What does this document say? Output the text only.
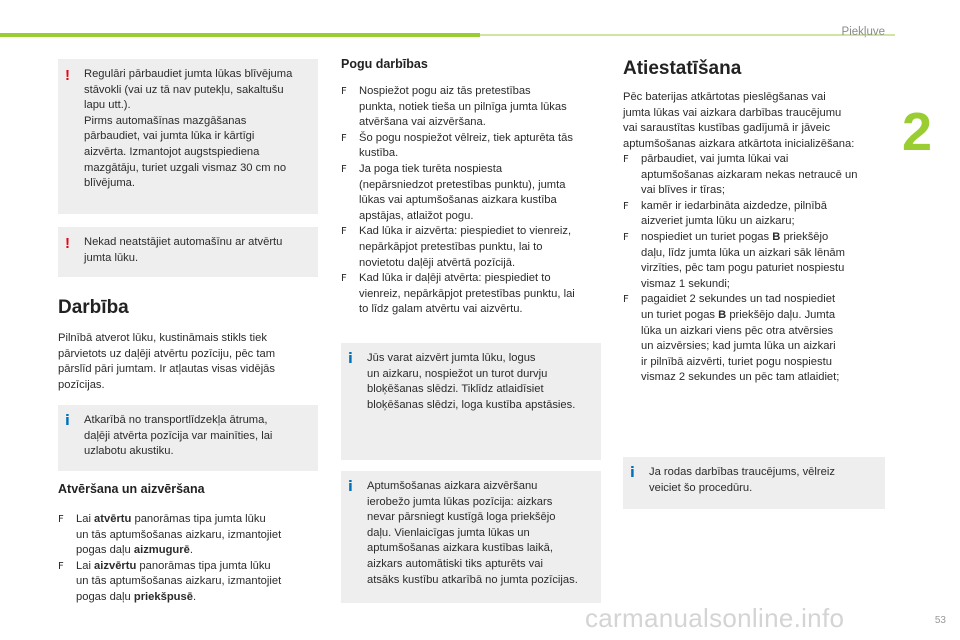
Piekļuve
2
! Regulāri pārbaudiet jumta lūkas blīvējuma

stāvokli (vai uz tā nav putekļu, sakaltušu

lapu utt.).

Pirms automašīnas mazgāšanas

pārbaudiet, vai jumta lūka ir kārtīgi

aizvērta. Izmantojot augstspiediena

mazgātāju, turiet uzgali vismaz 30 cm no

blīvējuma.

! Nekad neatstājiet automašīnu ar atvērtu

jumta lūku.

Darbība

Pilnībā atverot lūku, kustināmais stikls tiek

pārvietots uz daļēji atvērtu pozīciju, pēc tam

pārslīd pāri jumtam. Ir atļautas visas vidējās

pozīcijas.

i Atkarībā no transportlīdzekļa ātruma,

daļēji atvērta pozīcija var mainīties, lai

uzlabotu akustiku.

Atvēršana un aizvēršana
F Lai atvērtu panorāmas tipa jumta lūku
un tās aptumšošanas aizkaru, izmantojiet
pogas daļu aizmugurē.
F Lai aizvērtu panorāmas tipa jumta lūku
un tās aptumšošanas aizkaru, izmantojiet
pogas daļu priekšpusē.
Pogu darbības
F Nospiežot pogu aiz tās pretestības
punkta, notiek tieša un pilnīga jumta lūkas
atvēršana vai aizvēršana.
F Šo pogu nospiežot vēlreiz, tiek apturēta tās
kustība.
F Ja poga tiek turēta nospiesta
(nepārsniedzot pretestības punktu), jumta
lūkas vai aptumšošanas aizkara kustība
apstājas, atlaižot pogu.
F Kad lūka ir aizvērta: piespiediet to vienreiz,
nepārkāpjot pretestības punktu, lai to
novietotu daļēji atvērtā pozīcijā.
F Kad lūka ir daļēji atvērta: piespiediet to
vienreiz, nepārkāpjot pretestības punktu, lai
to līdz galam atvērtu vai aizvērtu.
i Jūs varat aizvērt jumta lūku, logus

un aizkaru, nospiežot un turot durvju

bloķēšanas slēdzi. Tiklīdz atlaidīsiet

bloķēšanas slēdzi, loga kustība apstāsies.

i Aptumšošanas aizkara aizvēršanu

ierobežo jumta lūkas pozīcija: aizkars

nevar pārsniegt kustīgā loga priekšējo

daļu. Vienlaicīgas jumta lūkas un

aptumšošanas aizkara kustības laikā,

aizkars automātiski tiks apturēts vai

atsāks kustību atkarībā no jumta pozīcijas.

Atiestatīšana

Pēc baterijas atkārtotas pieslēgšanas vai

jumta lūkas vai aizkara darbības traucējumu

vai saraustītas kustības gadījumā ir jāveic

aptumšošanas aizkara atkārtota inicializēšana:

F pārbaudiet, vai jumta lūkai vai
aptumšošanas aizkaram nekas netraucē un
vai blīves ir tīras;
F kamēr ir iedarbināta aizdedze, pilnībā
aizveriet jumta lūku un aizkaru;
F nospiediet un turiet pogas B priekšējo
daļu, līdz jumta lūka un aizkari sāk lēnām
virzīties, pēc tam pogu paturiet nospiestu
vismaz 1 sekundi;
F pagaidiet 2 sekundes un tad nospiediet
un turiet pogas B priekšējo daļu. Jumta
lūka un aizkari viens pēc otra atvērsies
un aizvērsies; kad jumta lūka un aizkari
ir pilnībā aizvērti, turiet pogu nospiestu
vismaz 2 sekundes un pēc tam atlaidiet;
i Ja rodas darbības traucējums, vēlreiz

veiciet šo procedūru.

carmanualsonline.info	53
